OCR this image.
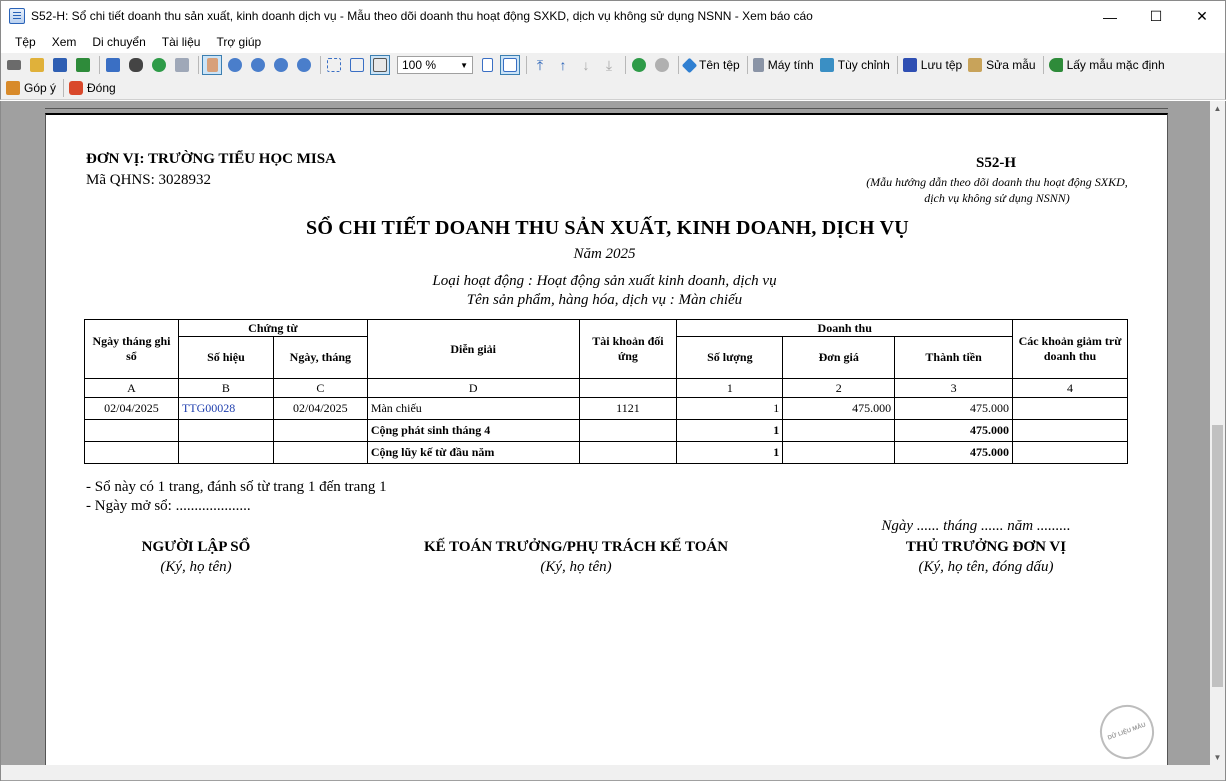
S52-H: Sổ chi tiết doanh thu sản xuất, kinh doanh dịch vụ - Mẫu theo dõi doanh thu hoạt động SXKD, dịch vụ không sử dụng NSNN - Xem báo cáo	—	☐	✕
Tệp	Xem	Di chuyển	Tài liệu	Trợ giúp
100 %	▼	⤒	↑	↓	⤓	Tên tệp Máy tính Tùy chỉnh	Lưu tệp Sửa mẫu	Lấy mẫu mặc định
Góp ý	Đóng
ĐƠN VỊ: TRƯỜNG TIỂU HỌC MISA
Mã QHNS: 3028932
S52-H
(Mẫu hướng dẫn theo dõi doanh thu hoạt động SXKD, dịch vụ không sử dụng NSNN)
SỔ CHI TIẾT DOANH THU SẢN XUẤT, KINH DOANH, DỊCH VỤ
Năm 2025
Loại hoạt động : Hoạt động sản xuất kinh doanh, dịch vụ
Tên sản phẩm, hàng hóa, dịch vụ : Màn chiếu
Ngày tháng ghi sổ	Chứng từ		Diễn giải	Tài khoản đối ứng	Doanh thu			Các khoản giảm trừ doanh thu
	Số hiệu	Ngày, tháng			Số lượng	Đơn giá	Thành tiền	
A	B	C	D		1	2	3	4
02/04/2025	TTG00028	02/04/2025	Màn chiếu	1121	1	475.000	475.000	
			Cộng phát sinh tháng 4		1		475.000	
			Cộng lũy kế từ đầu năm		1		475.000	
- Sổ này có 1 trang, đánh số từ trang 1 đến trang 1
- Ngày mở sổ: ....................
Ngày ...... tháng ...... năm .........
NGƯỜI LẬP SỔ
(Ký, họ tên)
KẾ TOÁN TRƯỞNG/PHỤ TRÁCH KẾ TOÁN
(Ký, họ tên)
THỦ TRƯỞNG ĐƠN VỊ
(Ký, họ tên, đóng dấu)
DỮ LIỆU MẪU
▲
▼
